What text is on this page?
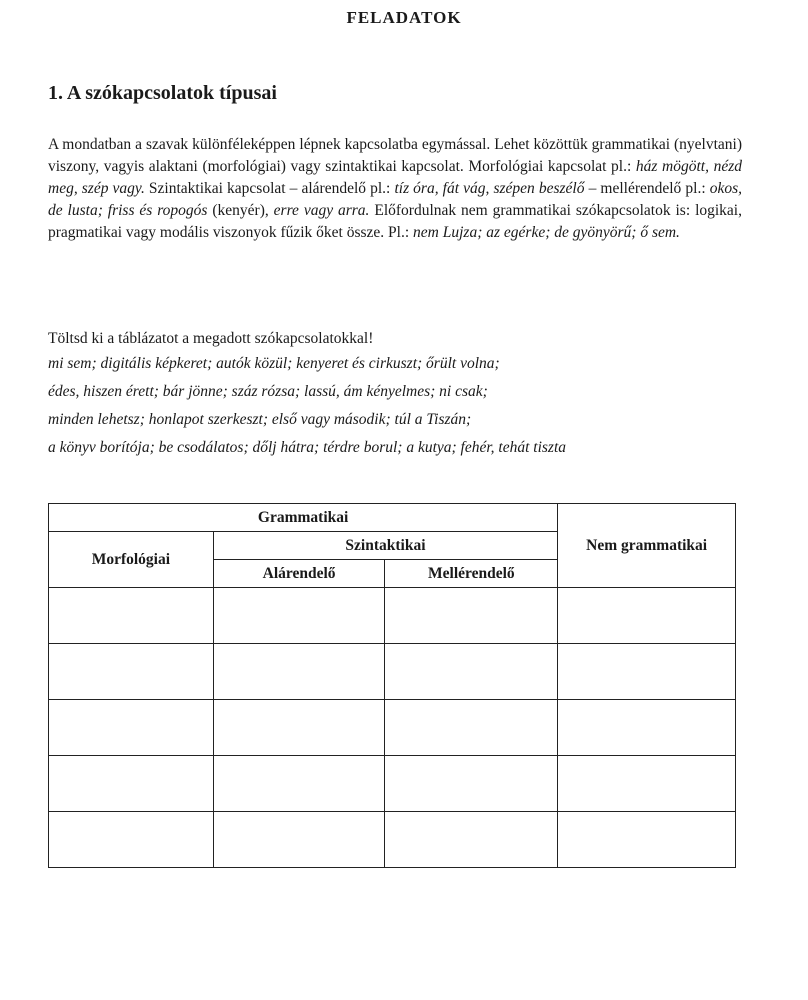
FELADATOK
1. A szókapcsolatok típusai

A mondatban a szavak különféleképpen lépnek kapcsolatba egymással. Lehet közöttük grammatikai (nyelvtani) viszony, vagyis alaktani (morfológiai) vagy szintaktikai kapcsolat. Morfológiai kapcsolat pl.: ház mögött, nézd meg, szép vagy. Szintaktikai kapcsolat – alárendelő pl.: tíz óra, fát vág, szépen beszélő – mellérendelő pl.: okos, de lusta; friss és ropogós (kenyér), erre vagy arra. Előfordulnak nem grammatikai szókapcsolatok is: logikai, pragmatikai vagy modális viszonyok fűzik őket össze. Pl.: nem Lujza; az egérke; de gyönyörű; ő sem.

Töltsd ki a táblázatot a megadott szókapcsolatokkal!
mi sem; digitális képkeret; autók közül; kenyeret és cirkuszt; őrült volna;
édes, hiszen érett; bár jönne; száz rózsa; lassú, ám kényelmes; ni csak;
minden lehetsz; honlapot szerkeszt; első vagy második; túl a Tiszán;
a könyv borítója; be csodálatos; dőlj hátra; térdre borul; a kutya; fehér, tehát tiszta
Grammatikai			Nem grammatikai
Morfológiai	Szintaktikai		
	Alárendelő	Mellérendelő	
